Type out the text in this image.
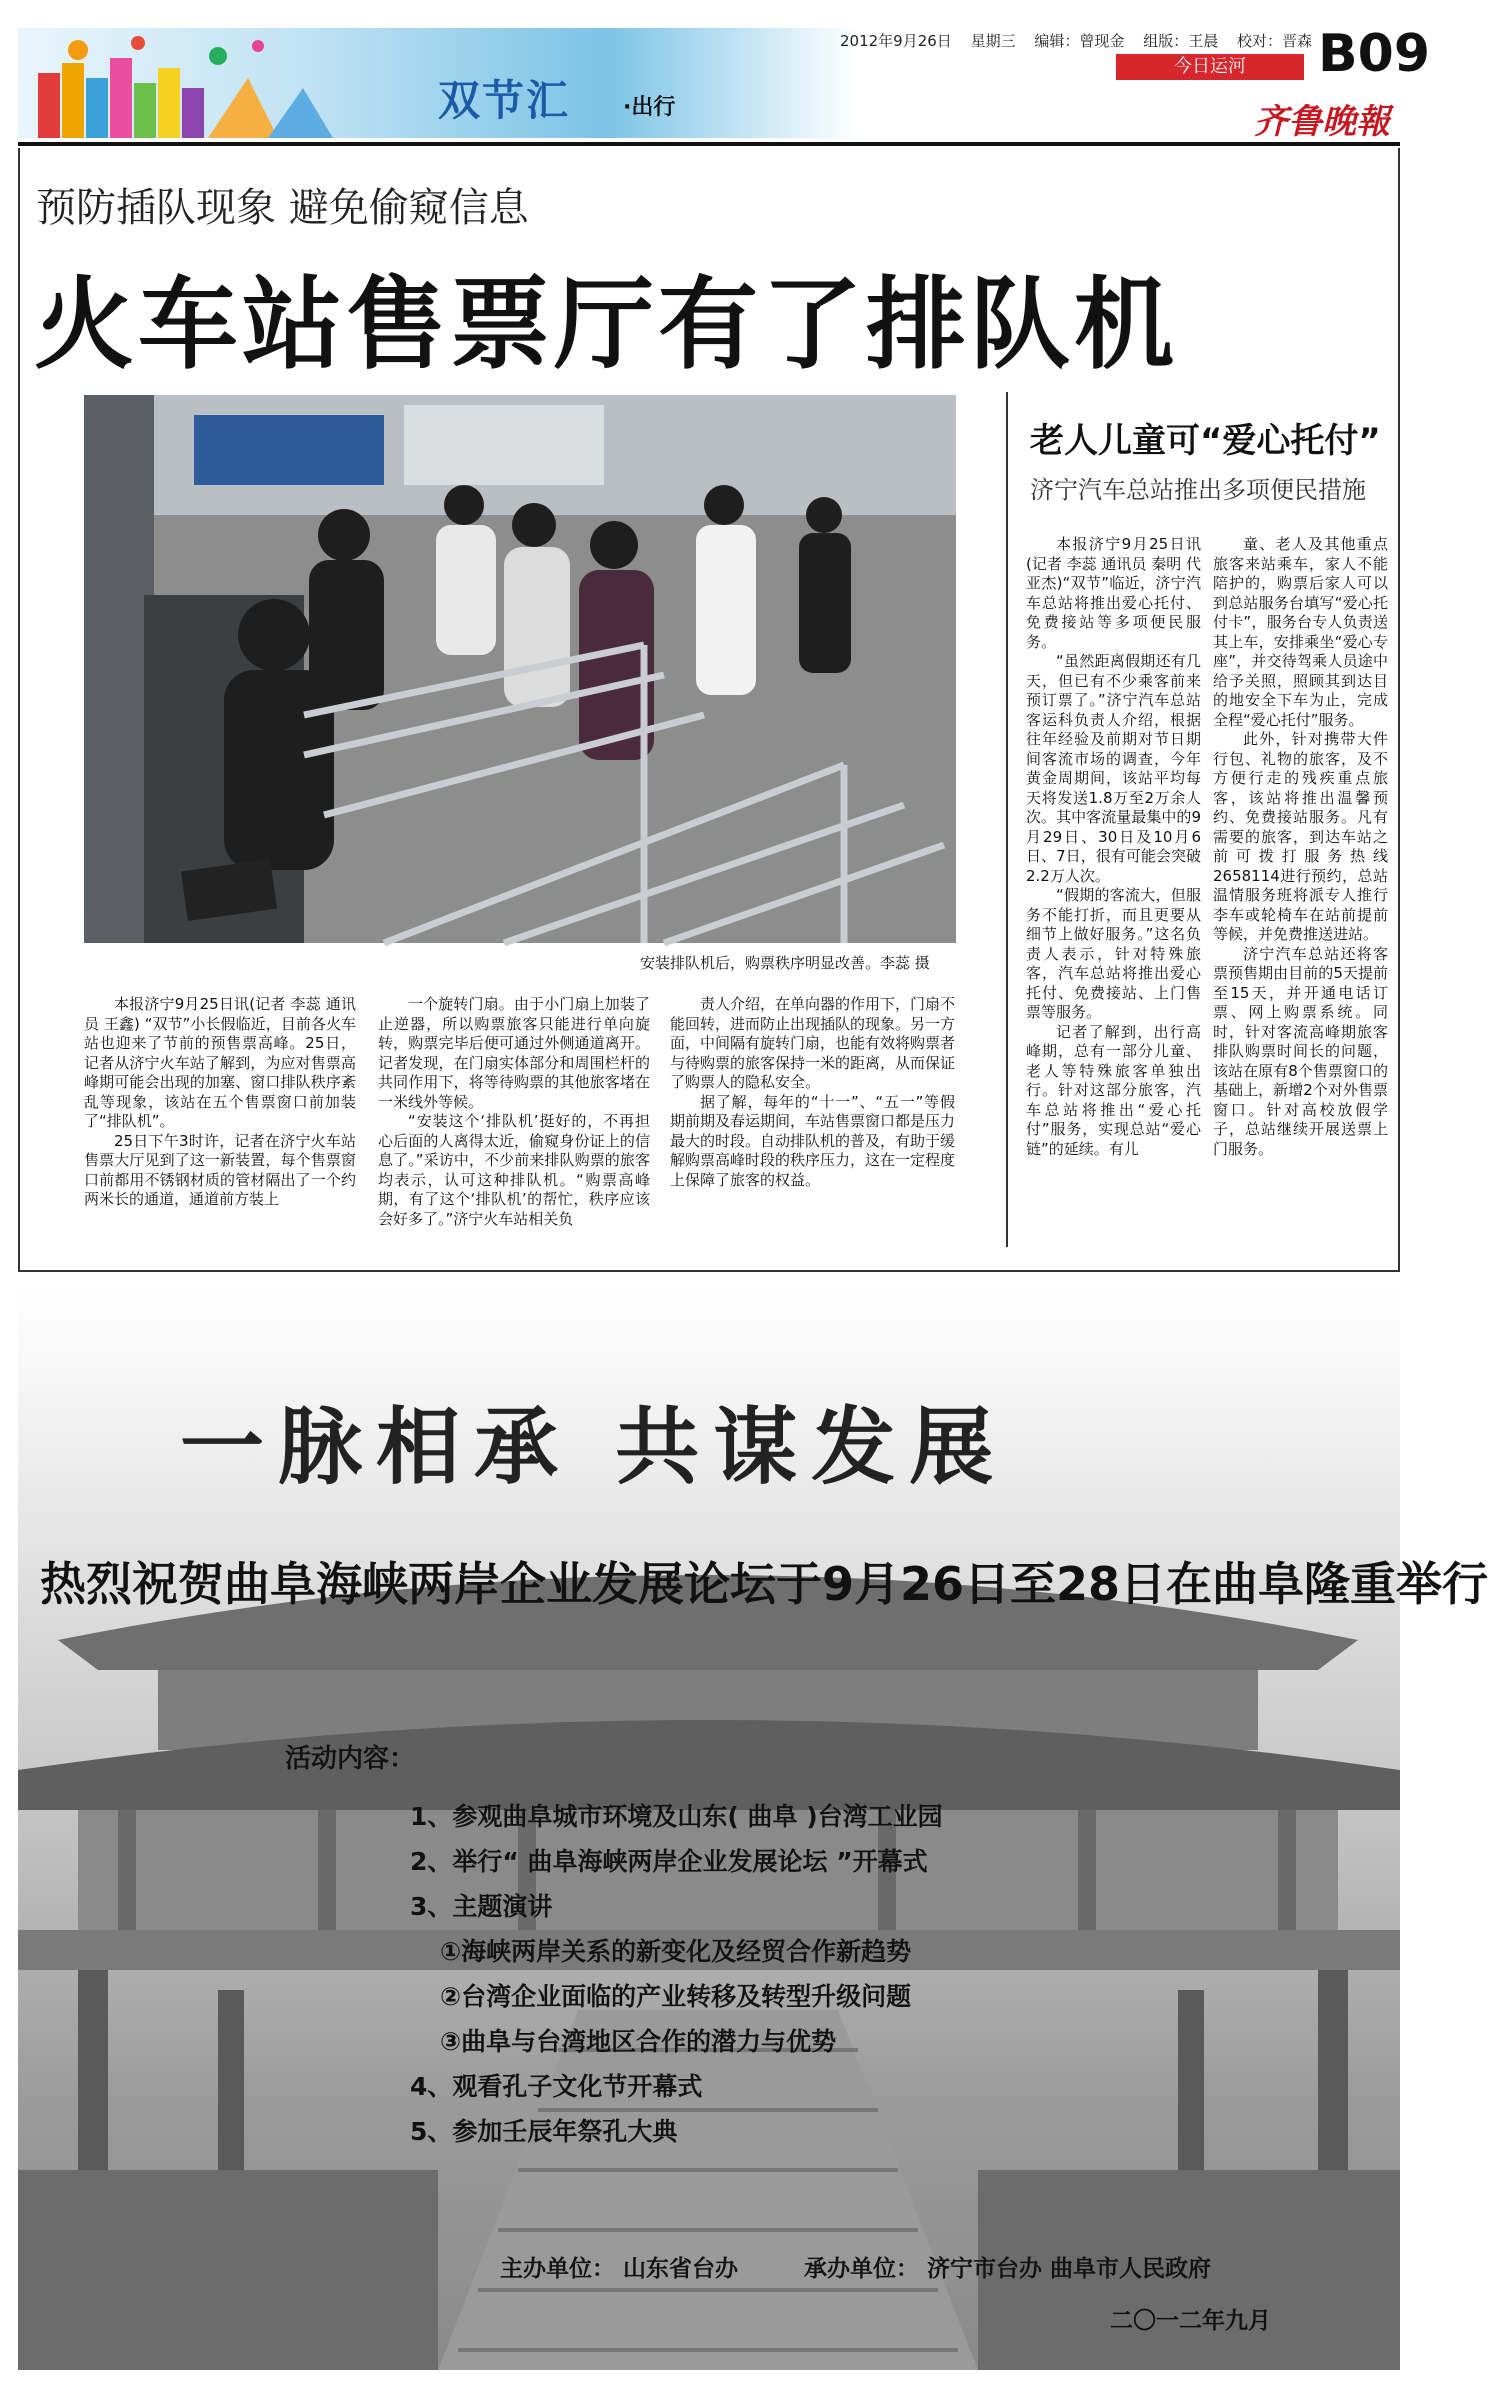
双节汇 ·出行
2012年9月26日 星期三 编辑：曾现金 组版：王晨 校对：晋森
今日运河	B09
齐鲁晚報
预防插队现象 避免偷窥信息
火车站售票厅有了排队机
安装排队机后，购票秩序明显改善。李蕊 摄

本报济宁9月25日讯(记者 李蕊 通讯员 王鑫) “双节”小长假临近，目前各火车站也迎来了节前的预售票高峰。25日，记者从济宁火车站了解到，为应对售票高峰期可能会出现的加塞、窗口排队秩序紊乱等现象，该站在五个售票窗口前加装了“排队机”。

25日下午3时许，记者在济宁火车站售票大厅见到了这一新装置，每个售票窗口前都用不锈钢材质的管材隔出了一个约两米长的通道，通道前方装上

一个旋转门扇。由于小门扇上加装了止逆器，所以购票旅客只能进行单向旋转，购票完毕后便可通过外侧通道离开。记者发现，在门扇实体部分和周围栏杆的共同作用下，将等待购票的其他旅客堵在一米线外等候。

“安装这个‘排队机’挺好的，不再担心后面的人离得太近，偷窥身份证上的信息了。”采访中，不少前来排队购票的旅客均表示，认可这种排队机。“购票高峰期，有了这个‘排队机’的帮忙，秩序应该会好多了。”济宁火车站相关负

责人介绍，在单向器的作用下，门扇不能回转，进而防止出现插队的现象。另一方面，中间隔有旋转门扇，也能有效将购票者与待购票的旅客保持一米的距离，从而保证了购票人的隐私安全。

据了解，每年的“十一”、“五一”等假期前期及春运期间，车站售票窗口都是压力最大的时段。自动排队机的普及，有助于缓解购票高峰时段的秩序压力，这在一定程度上保障了旅客的权益。

老人儿童可“爱心托付”
济宁汽车总站推出多项便民措施

本报济宁9月25日讯(记者 李蕊 通讯员 秦明 代亚杰)“双节”临近，济宁汽车总站将推出爱心托付、免费接站等多项便民服务。

“虽然距离假期还有几天，但已有不少乘客前来预订票了。”济宁汽车总站客运科负责人介绍，根据往年经验及前期对节日期间客流市场的调查，今年黄金周期间，该站平均每天将发送1.8万至2万余人次。其中客流量最集中的9月29日、30日及10月6日、7日，很有可能会突破2.2万人次。

“假期的客流大，但服务不能打折，而且更要从细节上做好服务。”这名负责人表示，针对特殊旅客，汽车总站将推出爱心托付、免费接站、上门售票等服务。

记者了解到，出行高峰期，总有一部分儿童、老人等特殊旅客单独出行。针对这部分旅客，汽车总站将推出“爱心托付”服务，实现总站“爱心链”的延续。有儿

童、老人及其他重点旅客来站乘车，家人不能陪护的，购票后家人可以到总站服务台填写“爱心托付卡”，服务台专人负责送其上车，安排乘坐“爱心专座”，并交待驾乘人员途中给予关照，照顾其到达目的地安全下车为止，完成全程“爱心托付”服务。

此外，针对携带大件行包、礼物的旅客，及不方便行走的残疾重点旅客，该站将推出温馨预约、免费接站服务。凡有需要的旅客，到达车站之前可拨打服务热线2658114进行预约，总站温情服务班将派专人推行李车或轮椅车在站前提前等候，并免费推送进站。

济宁汽车总站还将客票预售期由目前的5天提前至15天，并开通电话订票、网上购票系统。同时，针对客流高峰期旅客排队购票时间长的问题，该站在原有8个售票窗口的基础上，新增2个对外售票窗口。针对高校放假学子，总站继续开展送票上门服务。

一脉相承 共谋发展
热烈祝贺曲阜海峡两岸企业发展论坛于9月26日至28日在曲阜隆重举行
活动内容：
1、参观曲阜城市环境及山东( 曲阜 )台湾工业园
2、举行“ 曲阜海峡两岸企业发展论坛 ”开幕式
3、主题演讲
①海峡两岸关系的新变化及经贸合作新趋势
②台湾企业面临的产业转移及转型升级问题
③曲阜与台湾地区合作的潜力与优势
4、观看孔子文化节开幕式
5、参加壬辰年祭孔大典
主办单位： 山东省台办	承办单位： 济宁市台办 曲阜市人民政府
二〇一二年九月
